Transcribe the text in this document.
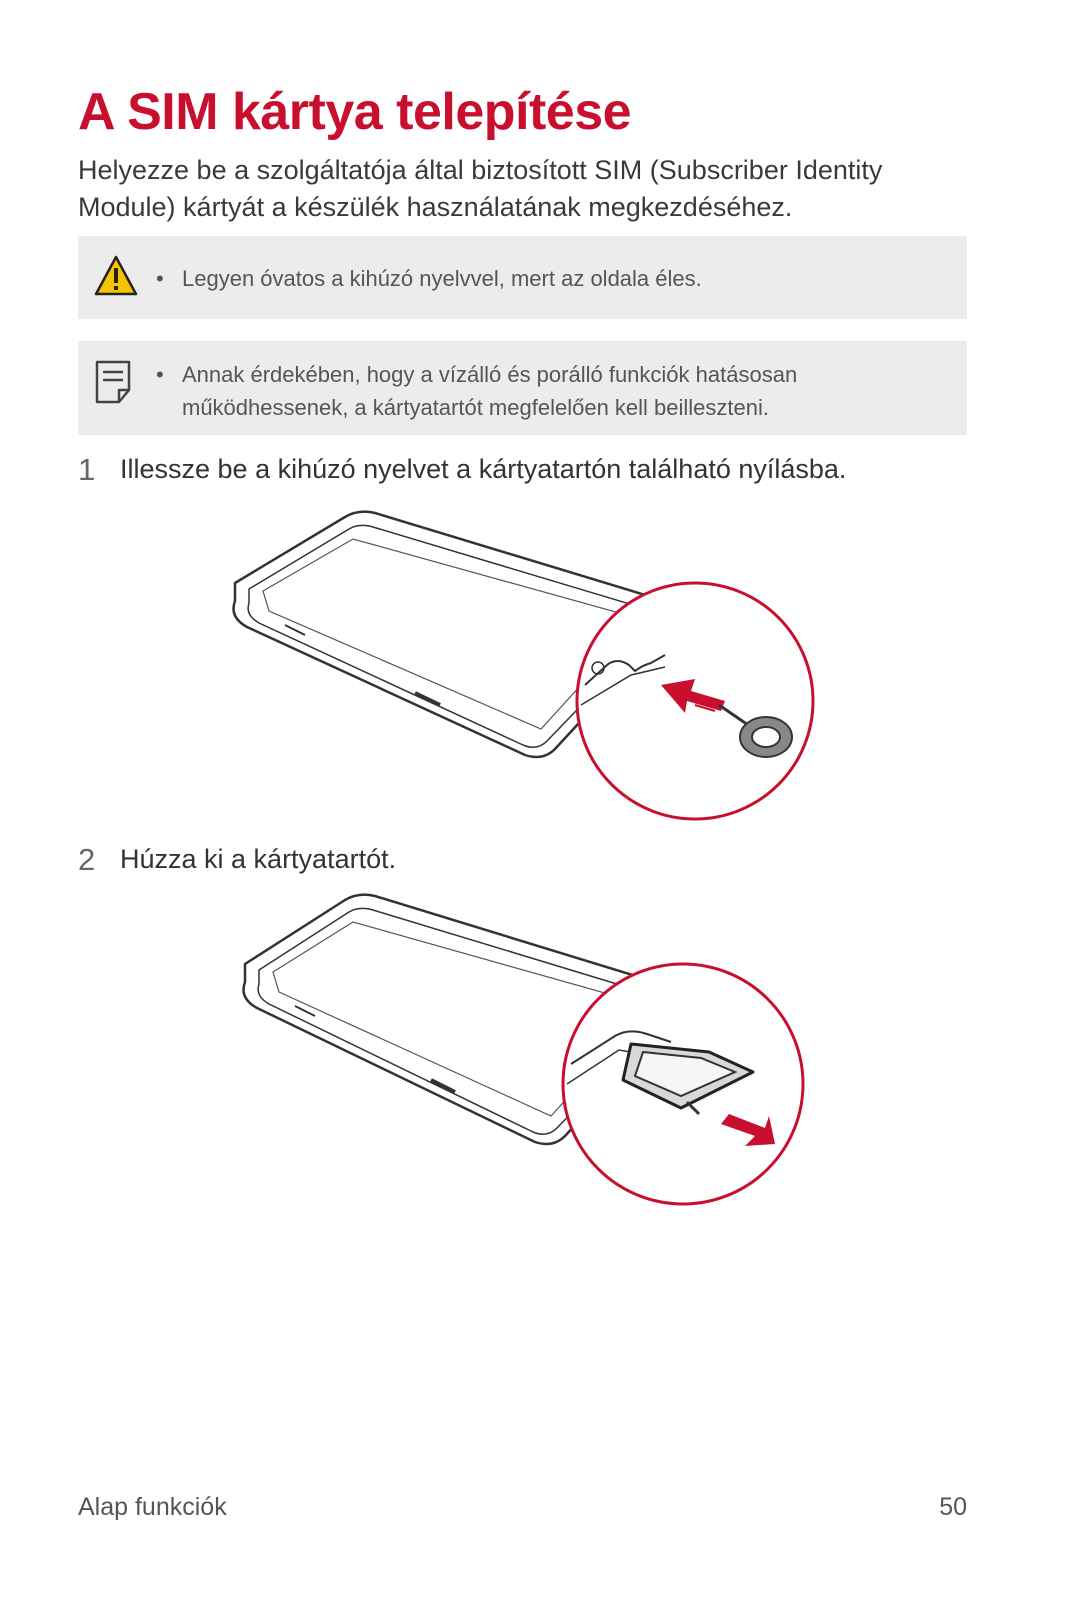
A SIM kártya telepítése

Helyezze be a szolgáltatója által biztosított SIM (Subscriber Identity Module) kártyát a készülék használatának megkezdéséhez.

• Legyen óvatos a kihúzó nyelvvel, mert az oldala éles.
• Annak érdekében, hogy a vízálló és porálló funkciók hatásosan működhessenek, a kártyatartót megfelelően kell beilleszteni.
1 Illessze be a kihúzó nyelvet a kártyatartón található nyílásba.
2 Húzza ki a kártyatartót.
Alap funkciók	50
